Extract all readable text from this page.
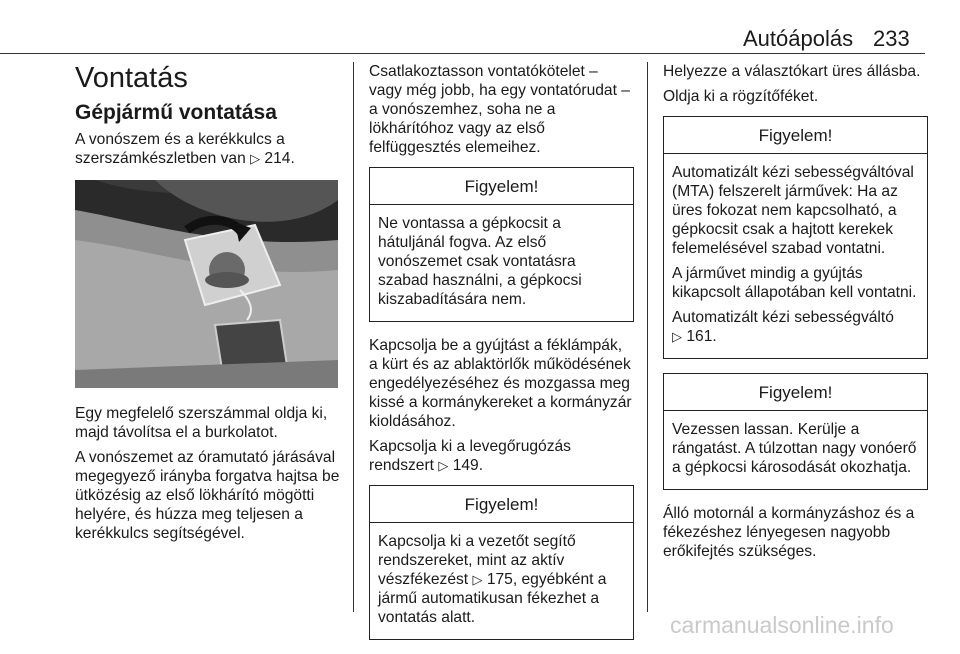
Autóápolás 233
Vontatás
Gépjármű vontatása

A vonószem és a kerékkulcs a szerszámkészletben van ▷ 214.

Egy megfelelő szerszámmal oldja ki, majd távolítsa el a burkolatot.

A vonószemet az óramutató járásával megegyező irányba forgatva hajtsa be ütközésig az első lökhárító mögötti helyére, és húzza meg teljesen a kerékkulcs segítségével.

Csatlakoztasson vontatókötelet – vagy még jobb, ha egy vontatórudat – a vonószemhez, soha ne a lökhárítóhoz vagy az első felfüggesztés elemeihez.

Figyelem!

Ne vontassa a gépkocsit a hátuljánál fogva. Az első vonószemet csak vontatásra szabad használni, a gépkocsi kiszabadítására nem.

Kapcsolja be a gyújtást a féklámpák, a kürt és az ablaktörlők működésének engedélyezéséhez és mozgassa meg kissé a kormánykereket a kormányzár kioldásához.

Kapcsolja ki a levegőrugózás rendszert ▷ 149.

Figyelem!

Kapcsolja ki a vezetőt segítő rendszereket, mint az aktív vészfékezést ▷ 175, egyébként a jármű automatikusan fékezhet a vontatás alatt.

Helyezze a választókart üres állásba.

Oldja ki a rögzítőféket.

Figyelem!

Automatizált kézi sebességváltóval (MTA) felszerelt járművek: Ha az üres fokozat nem kapcsolható, a gépkocsit csak a hajtott kerekek felemelésével szabad vontatni.

A járművet mindig a gyújtás kikapcsolt állapotában kell vontatni.

Automatizált kézi sebességváltó
▷ 161.

Figyelem!

Vezessen lassan. Kerülje a rángatást. A túlzottan nagy vonóerő a gépkocsi károsodását okozhatja.

Álló motornál a kormányzáshoz és a fékezéshez lényegesen nagyobb erőkifejtés szükséges.

carmanualsonline.info
